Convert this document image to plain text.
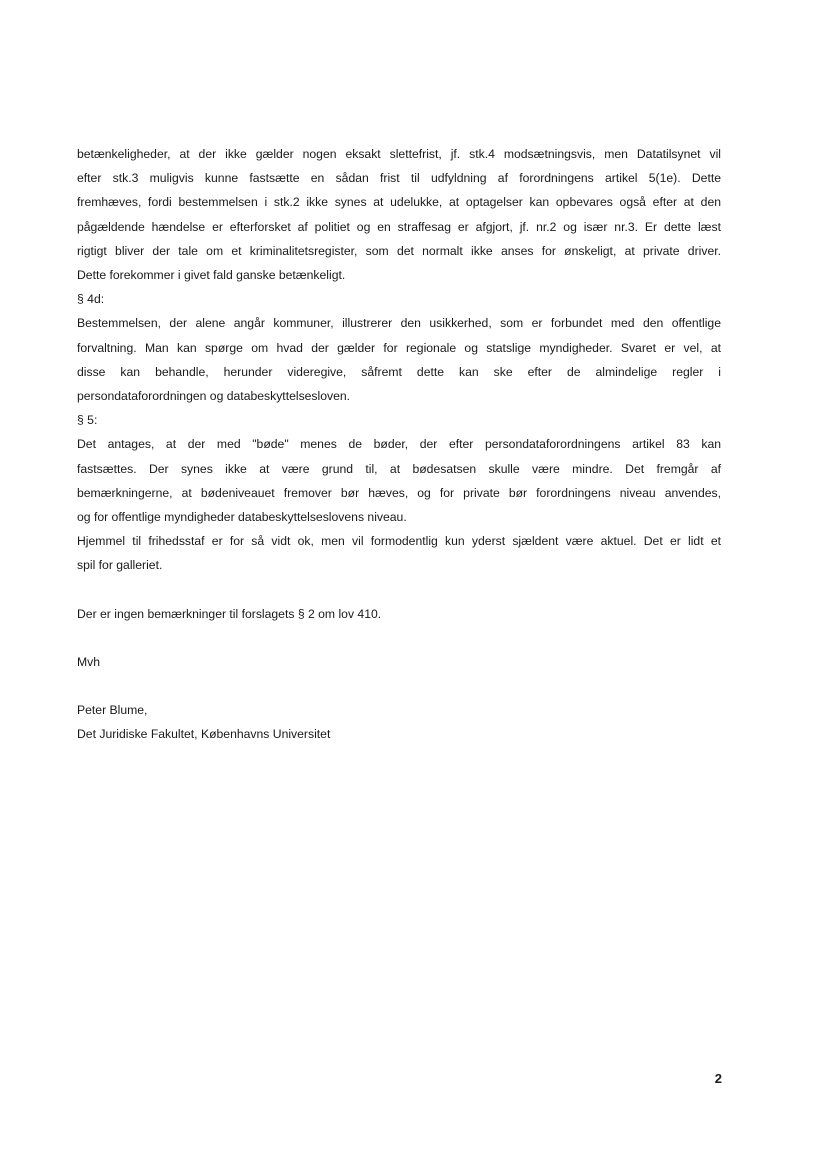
betænkeligheder, at der ikke gælder nogen eksakt slettefrist, jf. stk.4 modsætningsvis, men Datatilsynet vil

efter stk.3 muligvis kunne fastsætte en sådan frist til udfyldning af forordningens artikel 5(1e). Dette

fremhæves, fordi bestemmelsen i stk.2 ikke synes at udelukke, at optagelser kan opbevares også efter at den

pågældende hændelse er efterforsket af politiet og en straffesag er afgjort, jf. nr.2 og især nr.3. Er dette læst

rigtigt bliver der tale om et kriminalitetsregister, som det normalt ikke anses for ønskeligt, at private driver.

Dette forekommer i givet fald ganske betænkeligt.

§ 4d:

Bestemmelsen, der alene angår kommuner, illustrerer den usikkerhed, som er forbundet med den offentlige

forvaltning. Man kan spørge om hvad der gælder for regionale og statslige myndigheder. Svaret er vel, at

disse kan behandle, herunder videregive, såfremt dette kan ske efter de almindelige regler i

persondataforordningen og databeskyttelsesloven.

§ 5:

Det antages, at der med "bøde" menes de bøder, der efter persondataforordningens artikel 83 kan

fastsættes. Der synes ikke at være grund til, at bødesatsen skulle være mindre. Det fremgår af

bemærkningerne, at bødeniveauet fremover bør hæves, og for private bør forordningens niveau anvendes,

og for offentlige myndigheder databeskyttelseslovens niveau.

Hjemmel til frihedsstaf er for så vidt ok, men vil formodentlig kun yderst sjældent være aktuel. Det er lidt et

spil for galleriet.

Der er ingen bemærkninger til forslagets § 2 om lov 410.

Mvh

Peter Blume,

Det Juridiske Fakultet, Københavns Universitet

2
